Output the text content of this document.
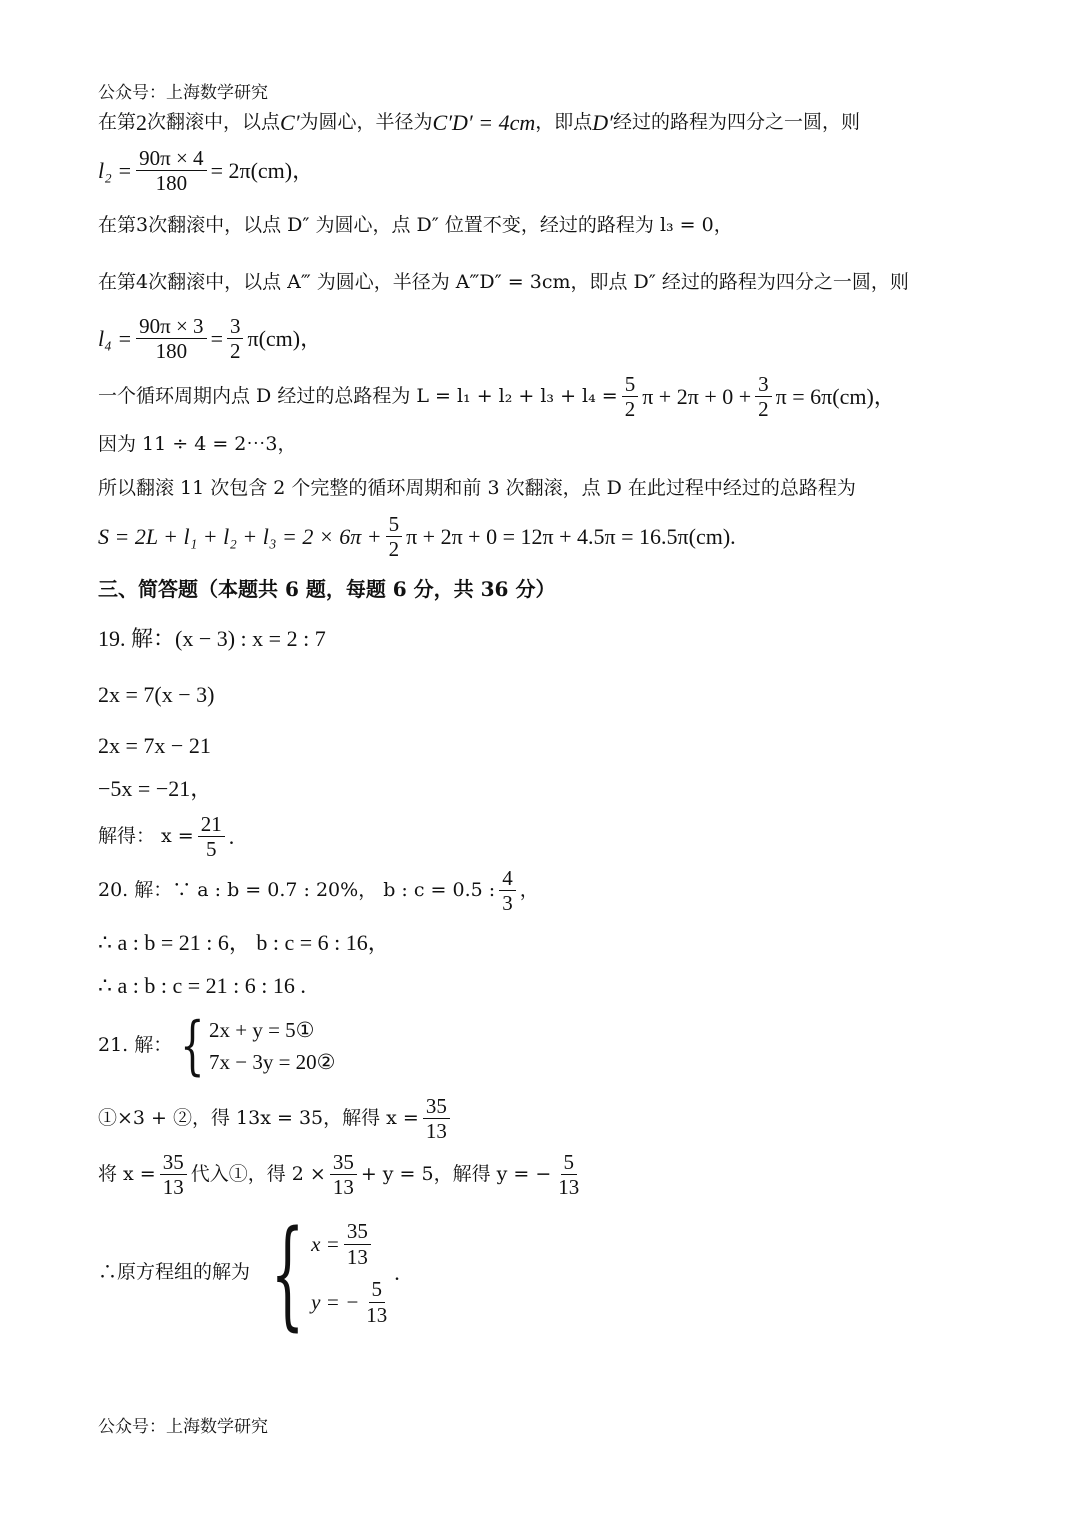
公众号：上海数学研究
在第 2 次翻滚中，以点 C′ 为圆心，半径为 C′D′ = 4cm ，即点 D′ 经过的路程为四分之一圆，则
$l_2 = \frac{90\pi \times 4}{180} = 2\pi(cm)$，
在第3次翻滚中，以点 D″ 为圆心，点 D″ 位置不变，经过的路程为 l₃ = 0，
在第4次翻滚中，以点 A‴ 为圆心，半径为 A‴D″ = 3cm，即点 D″ 经过的路程为四分之一圆，则
$l_4 = \frac{90\pi \times 3}{180} = \frac{3}{2} \pi(cm)$，
一个循环周期内点 D 经过的总路程为 $L = l_1 + l_2 + l_3 + l_4 = \frac{5}{2}$ $\pi + 2\pi + 0 + \frac{3}{2}$ π = 6π(cm)，
因为 11 ÷ 4 = 2⋯3，
所以翻滚 11 次包含 2 个完整的循环周期和前 3 次翻滚，点 D 在此过程中经过的总路程为
$S = 2L + l_1 + l_2 + l_3 = 2 \times 6\pi + \frac{5}{2}$ π + 2π + 0 = 12π + 4.5π = 16.5π(cm).
三、简答题（本题共 6 题，每题 6 分，共 36 分）
19. 解：(x − 3) : x = 2 : 7
2x = 7(x − 3)
2x = 7x − 21
−5x = −21，
解得： $x = \frac{21}{5}$ .
20. 解：∵ a : b = 0.7 : 20%， b : c = 0.5 : $\frac{4}{3}$ ，
∴ a : b = 21 : 6， b : c = 6 : 16，
∴ a : b : c = 21 : 6 : 16 .
21. 解： { 2x + y = 5①
7x − 3y = 20②
①×3 + ②，得 13x = 35，解得 $x = \frac{35}{13}$
将 $x = \frac{35}{13}$ 代入①，得 $2 \times \frac{35}{13} + y = 5$，解得 y = − $\frac{5}{13}$
∴原方程组的解为 { $x = \frac{35}{13}$
y = − $\frac{5}{13}$
.
公众号：上海数学研究
